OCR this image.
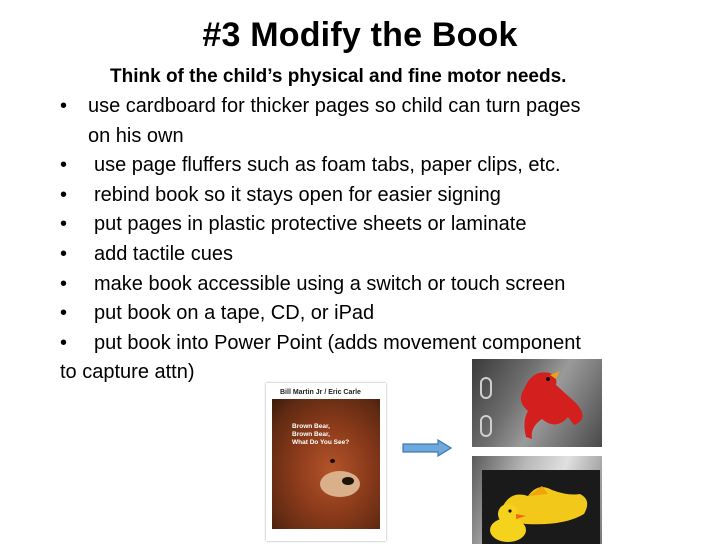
#3 Modify the Book
Think of the child’s physical and fine motor needs.
• use cardboard for thicker pages so child can turn pages
on his own
• use page fluffers such as foam tabs, paper clips, etc.
• rebind book so it stays open for easier signing
• put pages in plastic protective sheets or laminate
• add tactile cues
• make book accessible using a switch or touch screen
• put book on a tape, CD, or iPad
• put book into Power Point (adds movement component
to capture attn)
Bill Martin Jr / Eric Carle
Brown Bear,
Brown Bear,
What Do You See?
